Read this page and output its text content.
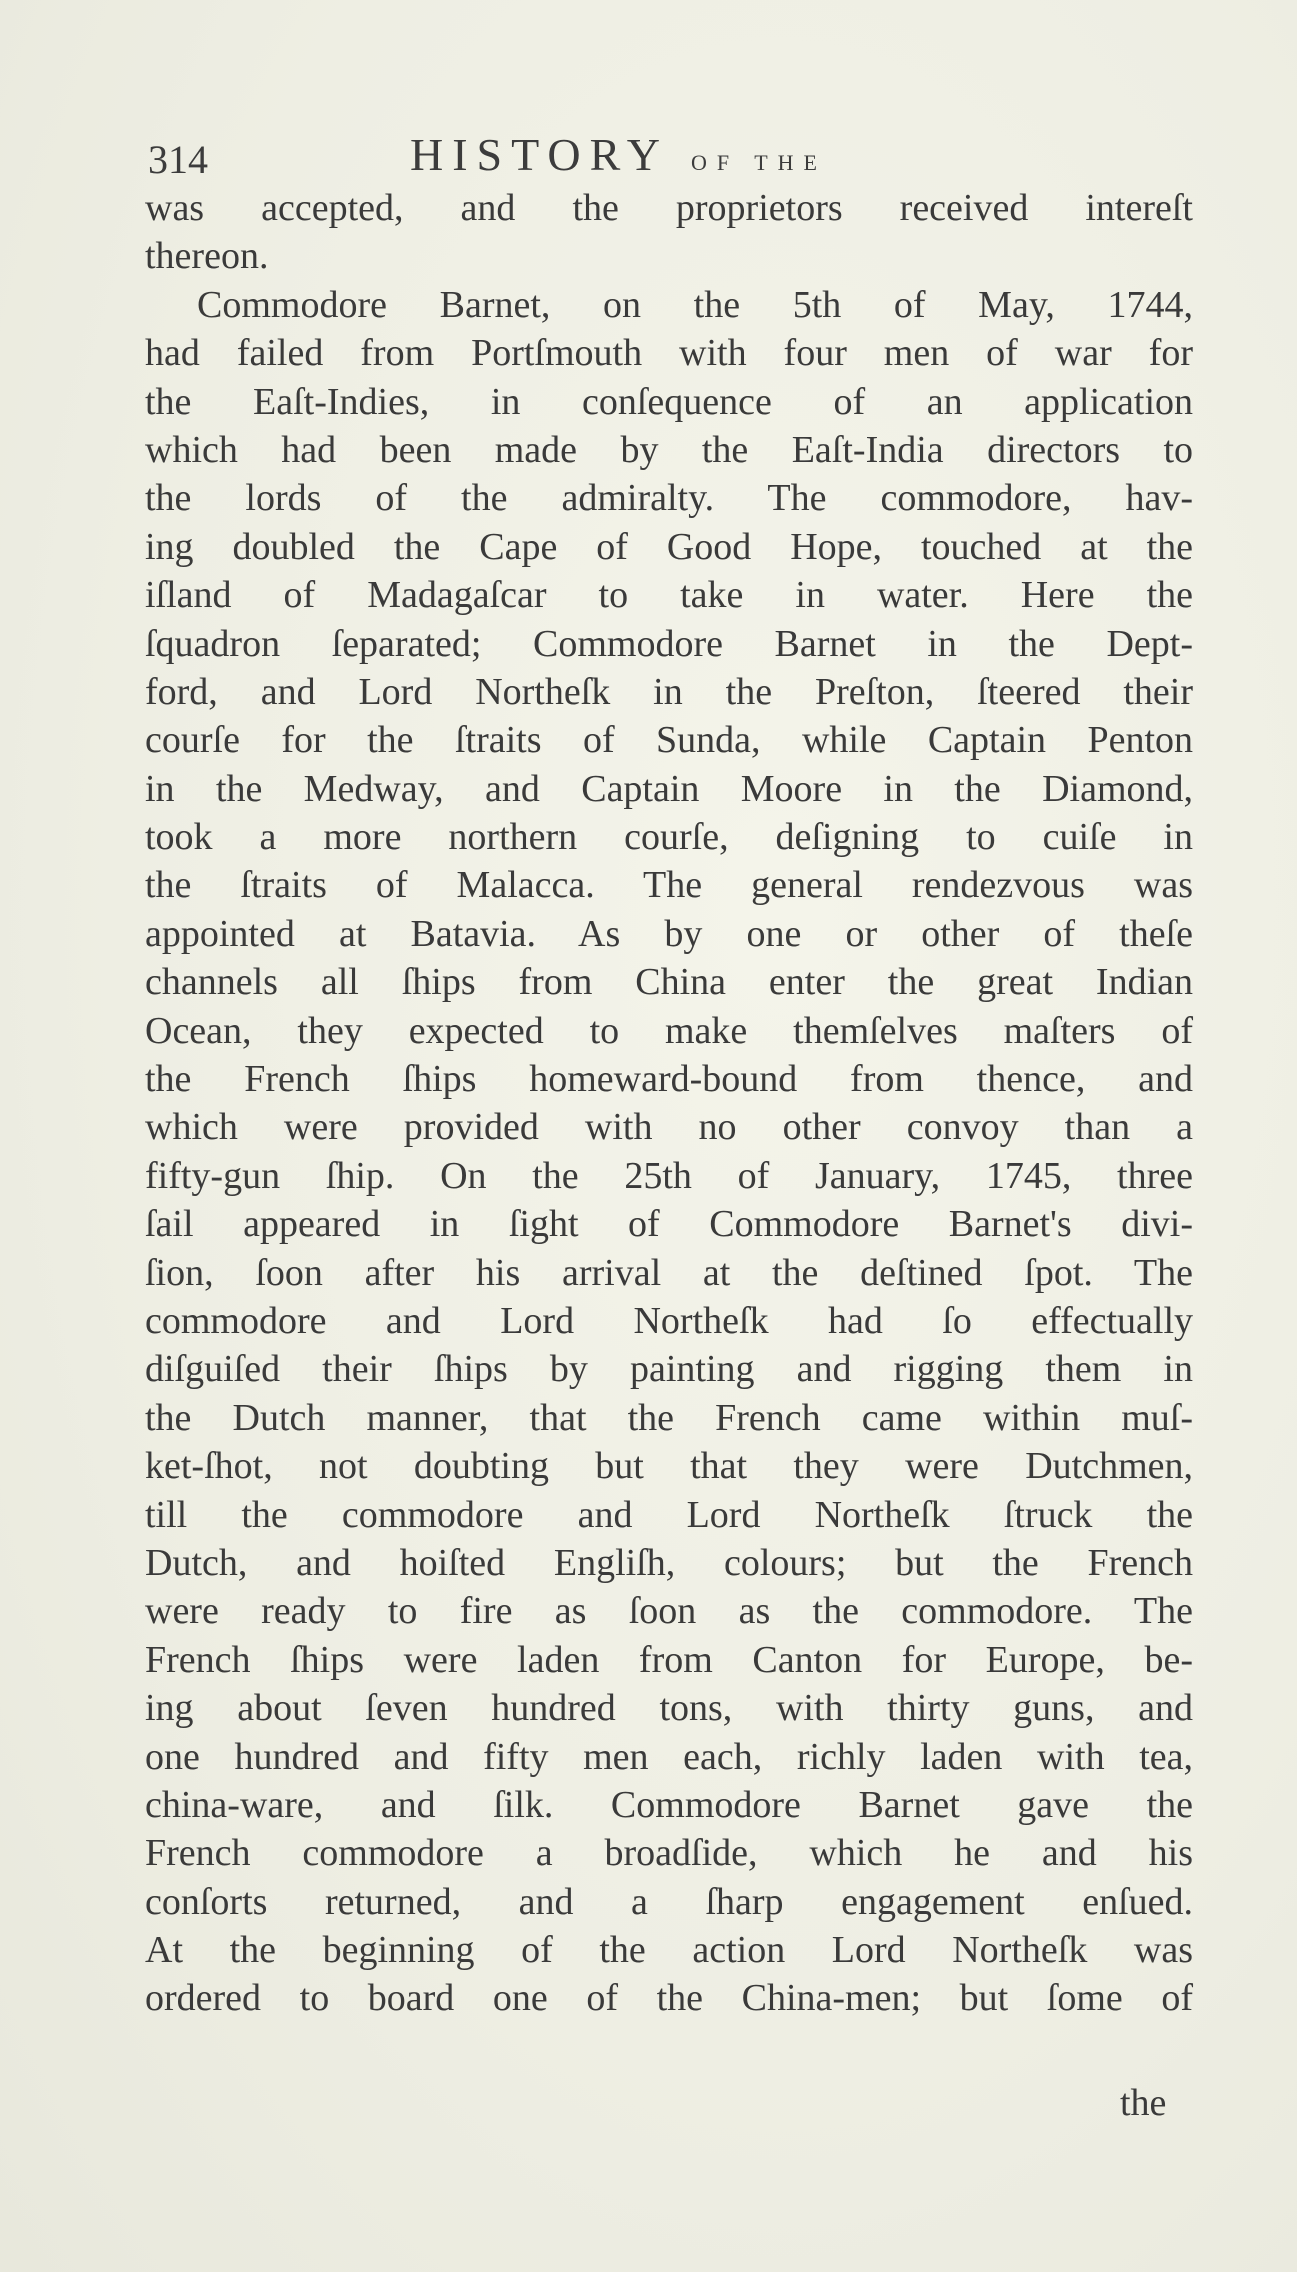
314	HISTORY OF THE
was accepted, and the proprietors received intereſt
thereon.
Commodore Barnet, on the 5th of May, 1744,
had failed from Portſmouth with four men of war for
the Eaſt-Indies, in conſequence of an application
which had been made by the Eaſt-India directors to
the lords of the admiralty. The commodore, hav-
ing doubled the Cape of Good Hope, touched at the
iſland of Madagaſcar to take in water. Here the
ſquadron ſeparated; Commodore Barnet in the Dept-
ford, and Lord Northeſk in the Preſton, ſteered their
courſe for the ſtraits of Sunda, while Captain Penton
in the Medway, and Captain Moore in the Diamond,
took a more northern courſe, deſigning to cuiſe in
the ſtraits of Malacca. The general rendezvous was
appointed at Batavia. As by one or other of theſe
channels all ſhips from China enter the great Indian
Ocean, they expected to make themſelves maſters of
the French ſhips homeward-bound from thence, and
which were provided with no other convoy than a
fifty-gun ſhip. On the 25th of January, 1745, three
ſail appeared in ſight of Commodore Barnet's divi-
ſion, ſoon after his arrival at the deſtined ſpot. The
commodore and Lord Northeſk had ſo effectually
diſguiſed their ſhips by painting and rigging them in
the Dutch manner, that the French came within muſ-
ket-ſhot, not doubting but that they were Dutchmen,
till the commodore and Lord Northeſk ſtruck the
Dutch, and hoiſted Engliſh, colours; but the French
were ready to fire as ſoon as the commodore. The
French ſhips were laden from Canton for Europe, be-
ing about ſeven hundred tons, with thirty guns, and
one hundred and fifty men each, richly laden with tea,
china-ware, and ſilk. Commodore Barnet gave the
French commodore a broadſide, which he and his
conſorts returned, and a ſharp engagement enſued.
At the beginning of the action Lord Northeſk was
ordered to board one of the China-men; but ſome of
the
